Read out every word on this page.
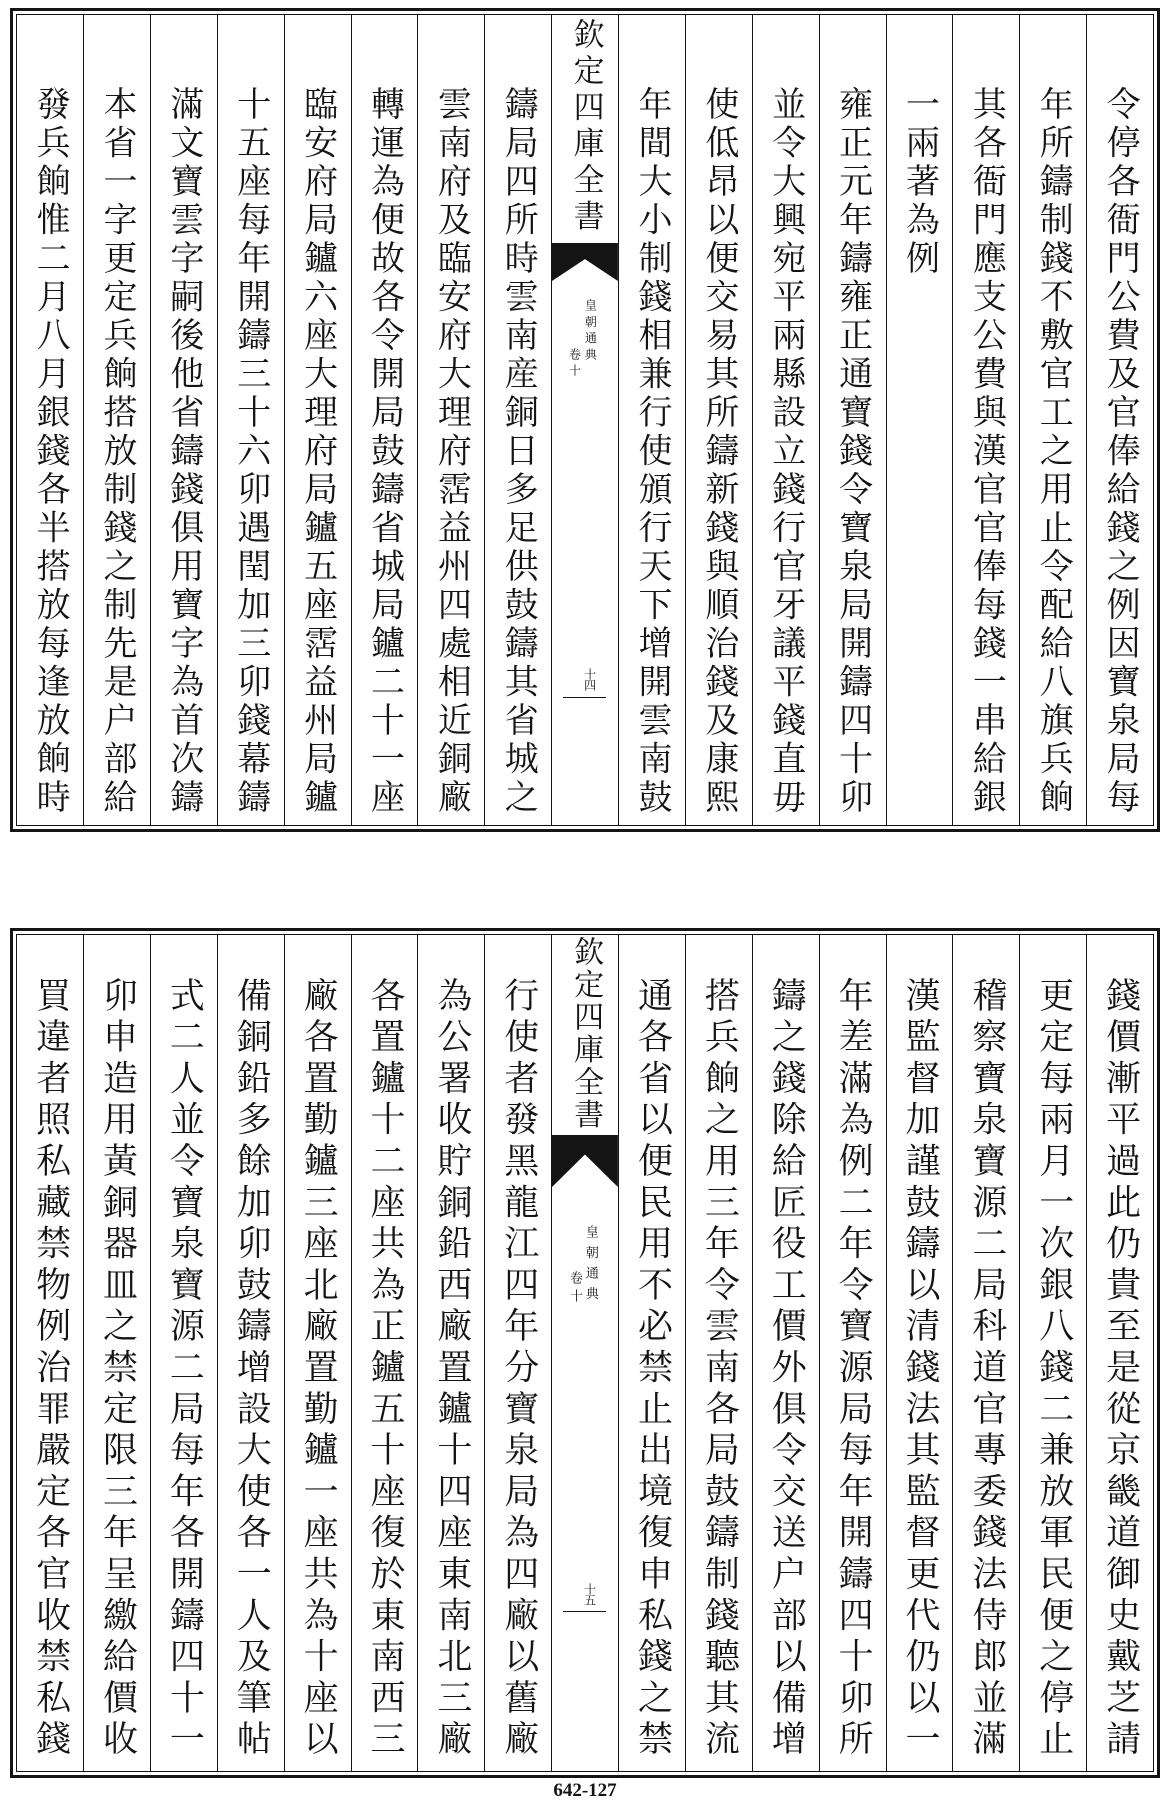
令停各衙門公費及官俸給錢之例因寶泉局每
年所鑄制錢不敷官工之用止令配給八旗兵餉
其各衙門應支公費與漢官官俸每錢一串給銀
一兩著為例
雍正元年鑄雍正通寶錢令寶泉局開鑄四十卯
並令大興宛平兩縣設立錢行官牙議平錢直毋
使低昂以便交易其所鑄新錢與順治錢及康熙
年間大小制錢相兼行使頒行天下增開雲南鼓
欽定四庫全書
皇朝通典
卷十
十四
鑄局四所時雲南産銅日多足供鼓鑄其省城之
雲南府及臨安府大理府霑益州四處相近銅廠
轉運為便故各令開局鼓鑄省城局鑪二十一座
臨安府局鑪六座大理府局鑪五座霑益州局鑪
十五座每年開鑄三十六卯遇閏加三卯錢幕鑄
滿文寶雲字嗣後他省鑄錢俱用寶字為首次鑄
本省一字更定兵餉搭放制錢之制先是户部給
發兵餉惟二月八月銀錢各半搭放每逢放餉時
錢價漸平過此仍貴至是從京畿道御史戴芝請
更定每兩月一次銀八錢二兼放軍民便之停止
稽察寶泉寶源二局科道官專委錢法侍郎並滿
漢監督加謹鼓鑄以清錢法其監督更代仍以一
年差滿為例二年令寶源局每年開鑄四十卯所
鑄之錢除給匠役工價外俱令交送户部以備增
搭兵餉之用三年令雲南各局鼓鑄制錢聽其流
通各省以便民用不必禁止出境復申私錢之禁
欽定四庫全書
皇朝通典
卷十
十五
行使者發黑龍江四年分寶泉局為四廠以舊廠
為公署收貯銅鉛西廠置鑪十四座東南北三廠
各置鑪十二座共為正鑪五十座復於東南西三
廠各置勤鑪三座北廠置勤鑪一座共為十座以
備銅鉛多餘加卯鼓鑄增設大使各一人及筆帖
式二人並令寶泉寶源二局每年各開鑄四十一
卯申造用黃銅器皿之禁定限三年呈繳給價收
買違者照私藏禁物例治罪嚴定各官收禁私錢
642-127
